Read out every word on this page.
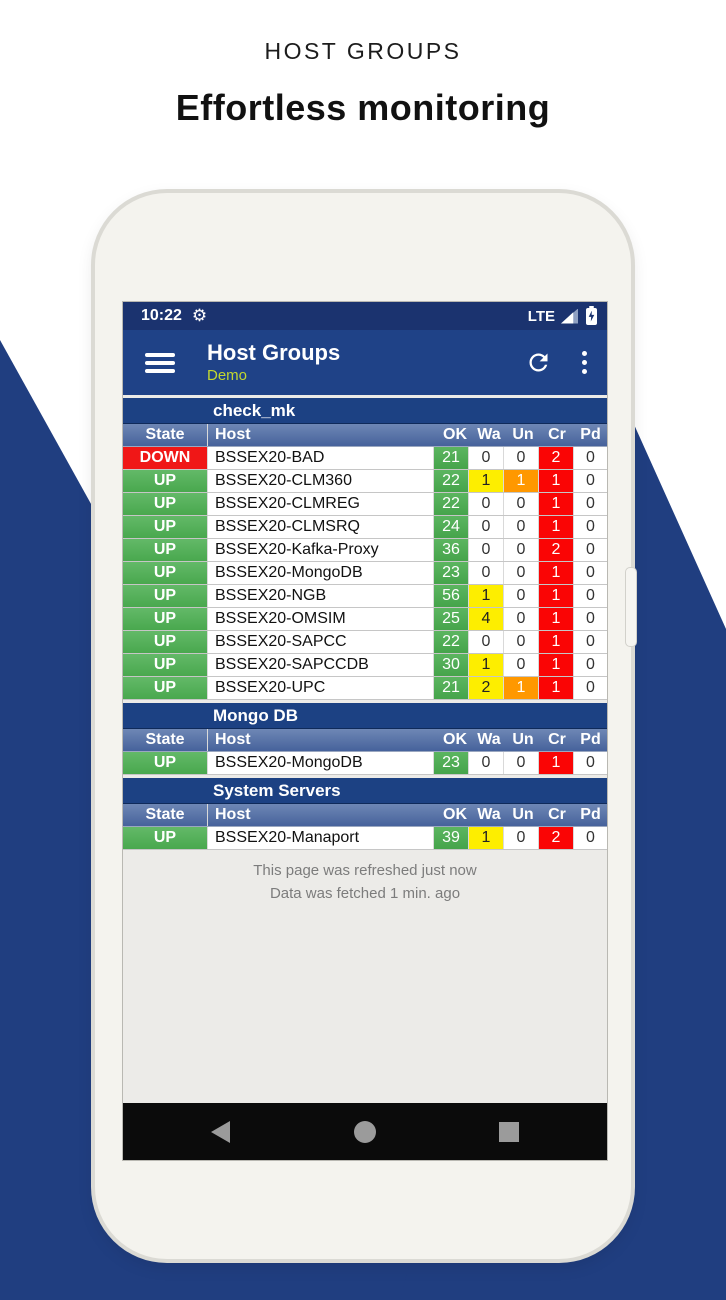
HOST GROUPS
Effortless monitoring
10:22 ⚙	LTE
Host Groups
Demo
check_mk
State	Host	OK Wa Un Cr Pd
DOWN	BSSEX20-BAD	21	0	0	2	0
UP	BSSEX20-CLM360	22	1	1	1	0
UP	BSSEX20-CLMREG	22	0	0	1	0
UP	BSSEX20-CLMSRQ	24	0	0	1	0
UP	BSSEX20-Kafka-Proxy	36	0	0	2	0
UP	BSSEX20-MongoDB	23	0	0	1	0
UP	BSSEX20-NGB	56	1	0	1	0
UP	BSSEX20-OMSIM	25	4	0	1	0
UP	BSSEX20-SAPCC	22	0	0	1	0
UP	BSSEX20-SAPCCDB	30	1	0	1	0
UP	BSSEX20-UPC	21	2	1	1	0
Mongo DB
State	Host	OK Wa Un Cr Pd
UP	BSSEX20-MongoDB	23	0	0	1	0
System Servers
State	Host	OK Wa Un Cr Pd
UP	BSSEX20-Manaport	39	1	0	2	0
This page was refreshed just now
Data was fetched 1 min. ago
